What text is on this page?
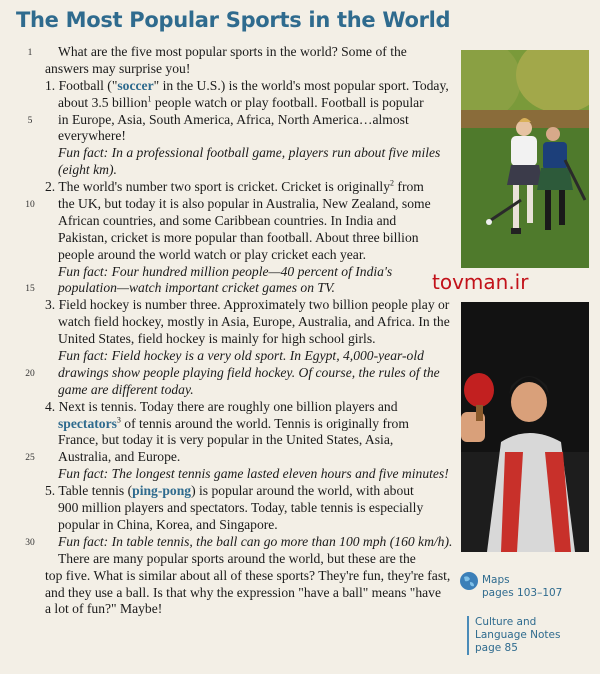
The Most Popular Sports in the World
1	What are the five most popular sports in the world? Some of the
answers may surprise you!
1. Football ("soccer" in the U.S.) is the world's most popular sport. Today,
about 3.5 billion$^1$ people watch or play football. Football is popular
5	in Europe, Asia, South America, Africa, North America…almost
everywhere!
Fun fact: In a professional football game, players run about five miles
(eight km).
2. The world's number two sport is cricket. Cricket is originally$^2$ from
10 the UK, but today it is also popular in Australia, New Zealand, some
African countries, and some Caribbean countries. In India and
Pakistan, cricket is more popular than football. About three billion
people around the world watch or play cricket each year.
Fun fact: Four hundred million people—40 percent of India's
15 population—watch important cricket games on TV.
3. Field hockey is number three. Approximately two billion people play or
watch field hockey, mostly in Asia, Europe, Australia, and Africa. In the
United States, field hockey is mainly for high school girls.
Fun fact: Field hockey is a very old sport. In Egypt, 4,000-year-old
20 drawings show people playing field hockey. Of course, the rules of the
game are different today.
4. Next is tennis. Today there are roughly one billion players and
spectators$^3$ of tennis around the world. Tennis is originally from
France, but today it is very popular in the United States, Asia,
25 Australia, and Europe.
Fun fact: The longest tennis game lasted eleven hours and five minutes!
5. Table tennis (ping-pong) is popular around the world, with about
900 million players and spectators. Today, table tennis is especially
popular in China, Korea, and Singapore.
30 Fun fact: In table tennis, the ball can go more than 100 mph (160 km/h).
There are many popular sports around the world, but these are the
top five. What is similar about all of these sports? They're fun, they're fast,
and they use a ball. Is that why the expression "have a ball" means "have
a lot of fun?" Maybe!
tovman.ir
Maps
pages 103–107
Culture and
Language Notes
page 85
